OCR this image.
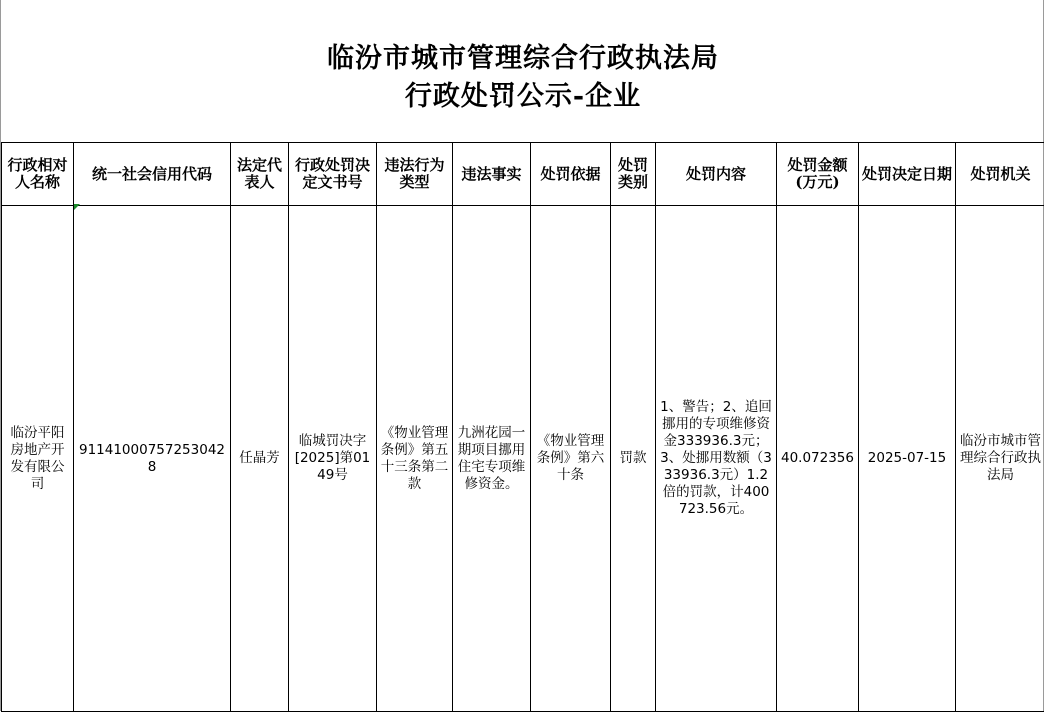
临汾市城市管理综合行政执法局
行政处罚公示-企业
行政相对人名称	统一社会信用代码	法定代表人	行政处罚决定文书号	违法行为类型	违法事实	处罚依据	处罚类别	处罚内容	处罚金额(万元)	处罚决定日期	处罚机关
临汾平阳房地产开发有限公司	911410007572530428	任晶芳	临城罚决字[2025]第0149号	《物业管理条例》第五十三条第二款	九洲花园一期项目挪用住宅专项维修资金。	《物业管理条例》第六十条	罚款	1、警告；2、追回挪用的专项维修资金333936.3元；3、处挪用数额（333936.3元）1.2倍的罚款，计400723.56元。	40.072356	2025-07-15	临汾市城市管理综合行政执法局
